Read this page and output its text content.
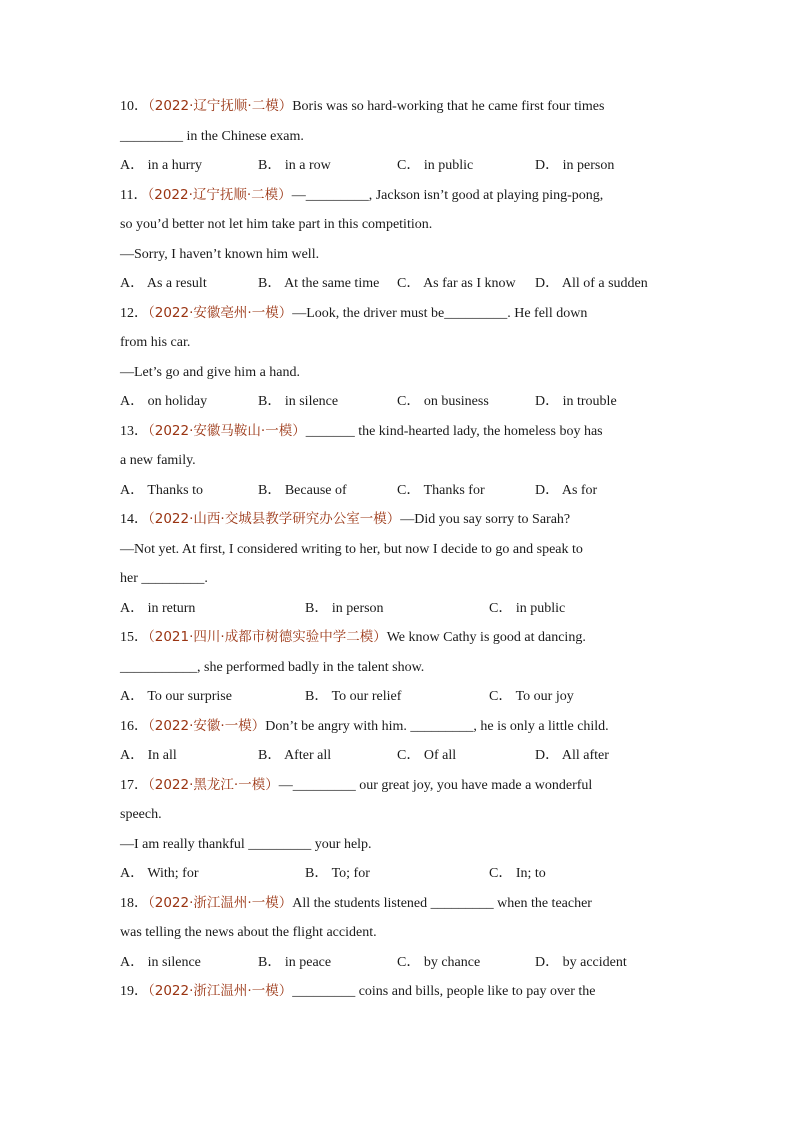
10．（2022·辽宁抚顺·二模）Boris was so hard-working that he came first four times
_________ in the Chinese exam.
A． in a hurry	B． in a row	C． in public	D． in person
11．（2022·辽宁抚顺·二模）—_________, Jackson isn’t good at playing ping-pong,
so you’d better not let him take part in this competition.
—Sorry, I haven’t known him well.
A． As a result	B． At the same time C． As far as I know D． All of a sudden
12．（2022·安徽亳州·一模）—Look, the driver must be_________. He fell down
from his car.
—Let’s go and give him a hand.
A． on holiday	B． in silence	C． on business	D． in trouble
13．（2022·安徽马鞍山·一模）_______ the kind-hearted lady, the homeless boy has
a new family.
A． Thanks to	B． Because of	C． Thanks for	D． As for
14．（2022·山西·交城县教学研究办公室一模）—Did you say sorry to Sarah?
—Not yet. At first, I considered writing to her, but now I decide to go and speak to
her _________.
A． in return	B． in person	C． in public
15．（2021·四川·成都市树德实验中学二模）We know Cathy is good at dancing.
___________, she performed badly in the talent show.
A． To our surprise	B． To our relief	C． To our joy
16．（2022·安徽·一模）Don’t be angry with him. _________, he is only a little child.
A． In all	B． After all	C． Of all	D． All after
17．（2022·黑龙江·一模）—_________ our great joy, you have made a wonderful
speech.
—I am really thankful _________ your help.
A． With; for	B． To; for	C． In; to
18．（2022·浙江温州·一模）All the students listened _________ when the teacher
was telling the news about the flight accident.
A． in silence	B． in peace	C． by chance	D． by accident
19．（2022·浙江温州·一模）_________ coins and bills, people like to pay over the
